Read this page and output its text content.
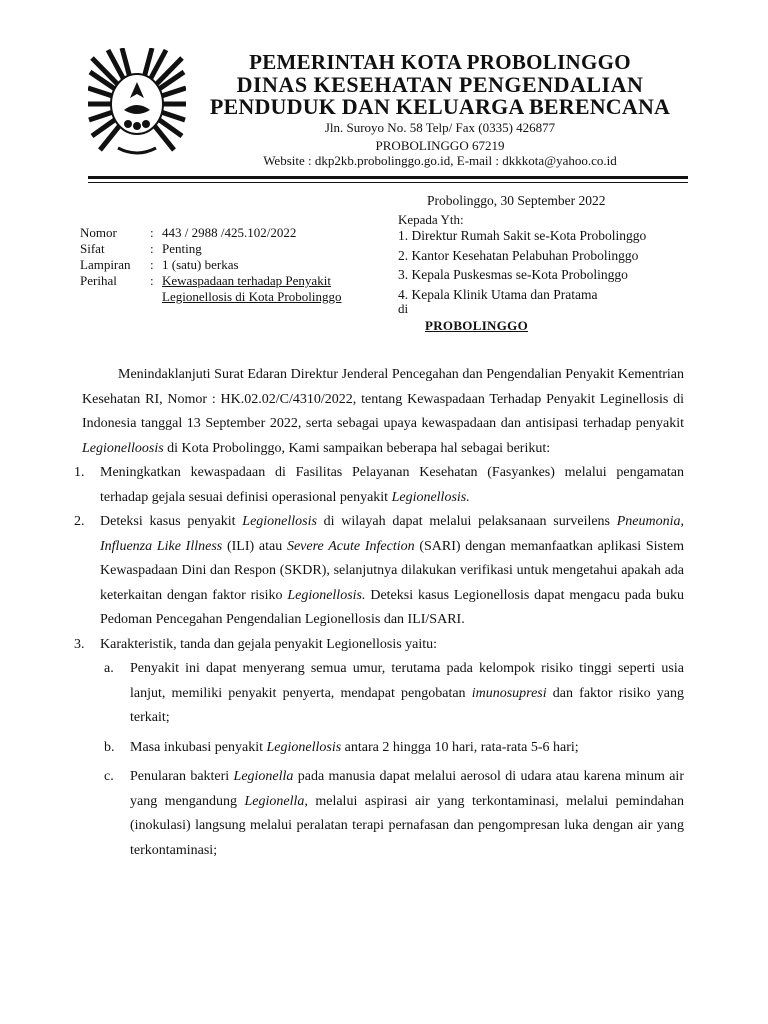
PEMERINTAH KOTA PROBOLINGGO
DINAS KESEHATAN PENGENDALIAN
PENDUDUK DAN KELUARGA BERENCANA
Jln. Suroyo No. 58 Telp/ Fax (0335) 426877
PROBOLINGGO 67219
Website : dkp2kb.probolinggo.go.id, E-mail : dkkkota@yahoo.co.id
Probolinggo, 30 September 2022
Nomor	:	443 / 2988 /425.102/2022
Sifat	:	Penting
Lampiran	:	1 (satu) berkas
Perihal	:	Kewaspadaan terhadap Penyakit
Legionellosis di Kota Probolinggo
Kepada Yth:
1. Direktur Rumah Sakit se-Kota Probolinggo
2. Kantor Kesehatan Pelabuhan Probolinggo
3. Kepala Puskesmas se-Kota Probolinggo
4. Kepala Klinik Utama dan Pratama
di
PROBOLINGGO

Menindaklanjuti Surat Edaran Direktur Jenderal Pencegahan dan Pengendalian Penyakit Kementrian Kesehatan RI, Nomor : HK.02.02/C/4310/2022, tentang Kewaspadaan Terhadap Penyakit Leginellosis di Indonesia tanggal 13 September 2022, serta sebagai upaya kewaspadaan dan antisipasi terhadap penyakit Legionelloosis di Kota Probolinggo, Kami sampaikan beberapa hal sebagai berikut:

1. Meningkatkan kewaspadaan di Fasilitas Pelayanan Kesehatan (Fasyankes) melalui pengamatan terhadap gejala sesuai definisi operasional penyakit Legionellosis.
2. Deteksi kasus penyakit Legionellosis di wilayah dapat melalui pelaksanaan surveilens Pneumonia, Influenza Like Illness (ILI) atau Severe Acute Infection (SARI) dengan memanfaatkan aplikasi Sistem Kewaspadaan Dini dan Respon (SKDR), selanjutnya dilakukan verifikasi untuk mengetahui apakah ada keterkaitan dengan faktor risiko Legionellosis. Deteksi kasus Legionellosis dapat mengacu pada buku Pedoman Pencegahan Pengendalian Legionellosis dan ILI/SARI.
3. Karakteristik, tanda dan gejala penyakit Legionellosis yaitu:
a. Penyakit ini dapat menyerang semua umur, terutama pada kelompok risiko tinggi seperti usia lanjut, memiliki penyakit penyerta, mendapat pengobatan imunosupresi dan faktor risiko yang terkait;
b. Masa inkubasi penyakit Legionellosis antara 2 hingga 10 hari, rata-rata 5-6 hari;
c. Penularan bakteri Legionella pada manusia dapat melalui aerosol di udara atau karena minum air yang mengandung Legionella, melalui aspirasi air yang terkontaminasi, melalui pemindahan (inokulasi) langsung melalui peralatan terapi pernafasan dan pengompresan luka dengan air yang terkontaminasi;
